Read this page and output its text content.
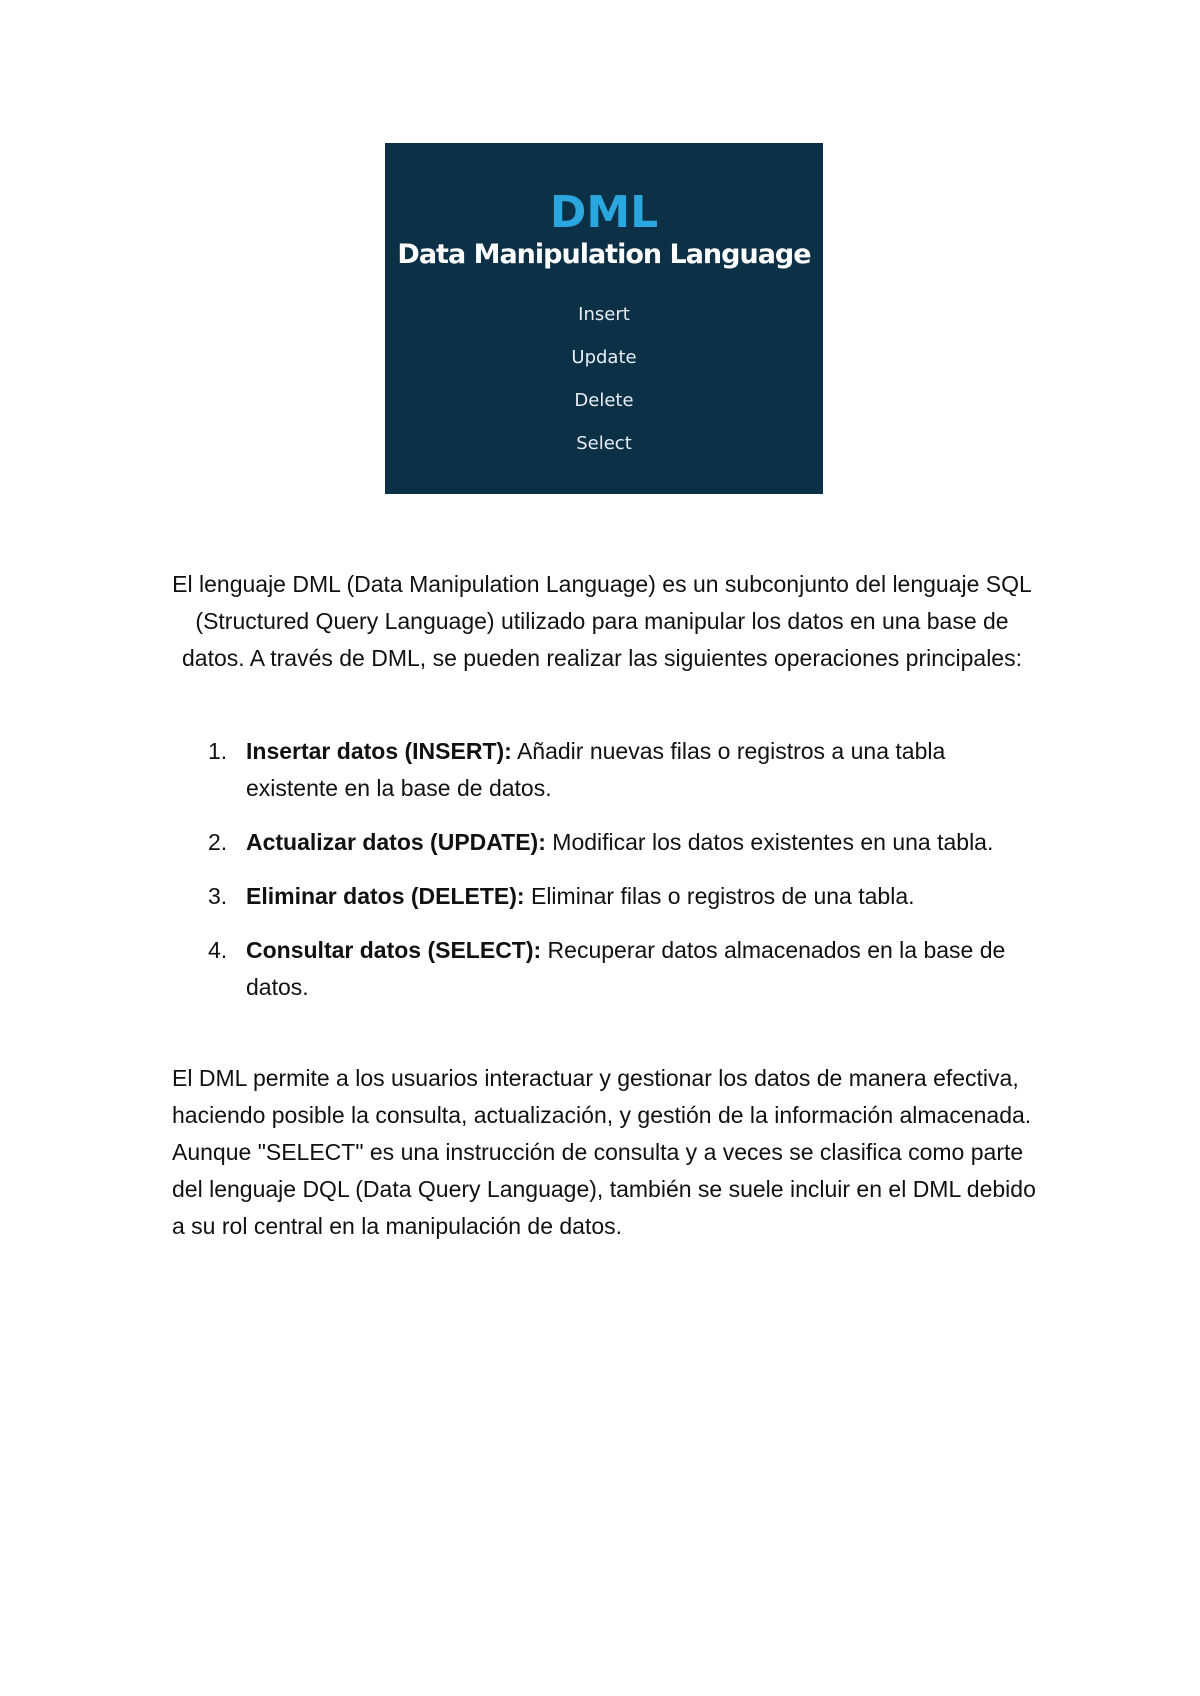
DML
Data Manipulation Language
Insert
Update
Delete
Select

El lenguaje DML (Data Manipulation Language) es un subconjunto del lenguaje SQL (Structured Query Language) utilizado para manipular los datos en una base de datos. A través de DML, se pueden realizar las siguientes operaciones principales:

1. Insertar datos (INSERT): Añadir nuevas filas o registros a una tabla existente en la base de datos.
2. Actualizar datos (UPDATE): Modificar los datos existentes en una tabla.
3. Eliminar datos (DELETE): Eliminar filas o registros de una tabla.
4. Consultar datos (SELECT): Recuperar datos almacenados en la base de datos.

El DML permite a los usuarios interactuar y gestionar los datos de manera efectiva, haciendo posible la consulta, actualización, y gestión de la información almacenada. Aunque "SELECT" es una instrucción de consulta y a veces se clasifica como parte del lenguaje DQL (Data Query Language), también se suele incluir en el DML debido a su rol central en la manipulación de datos.
